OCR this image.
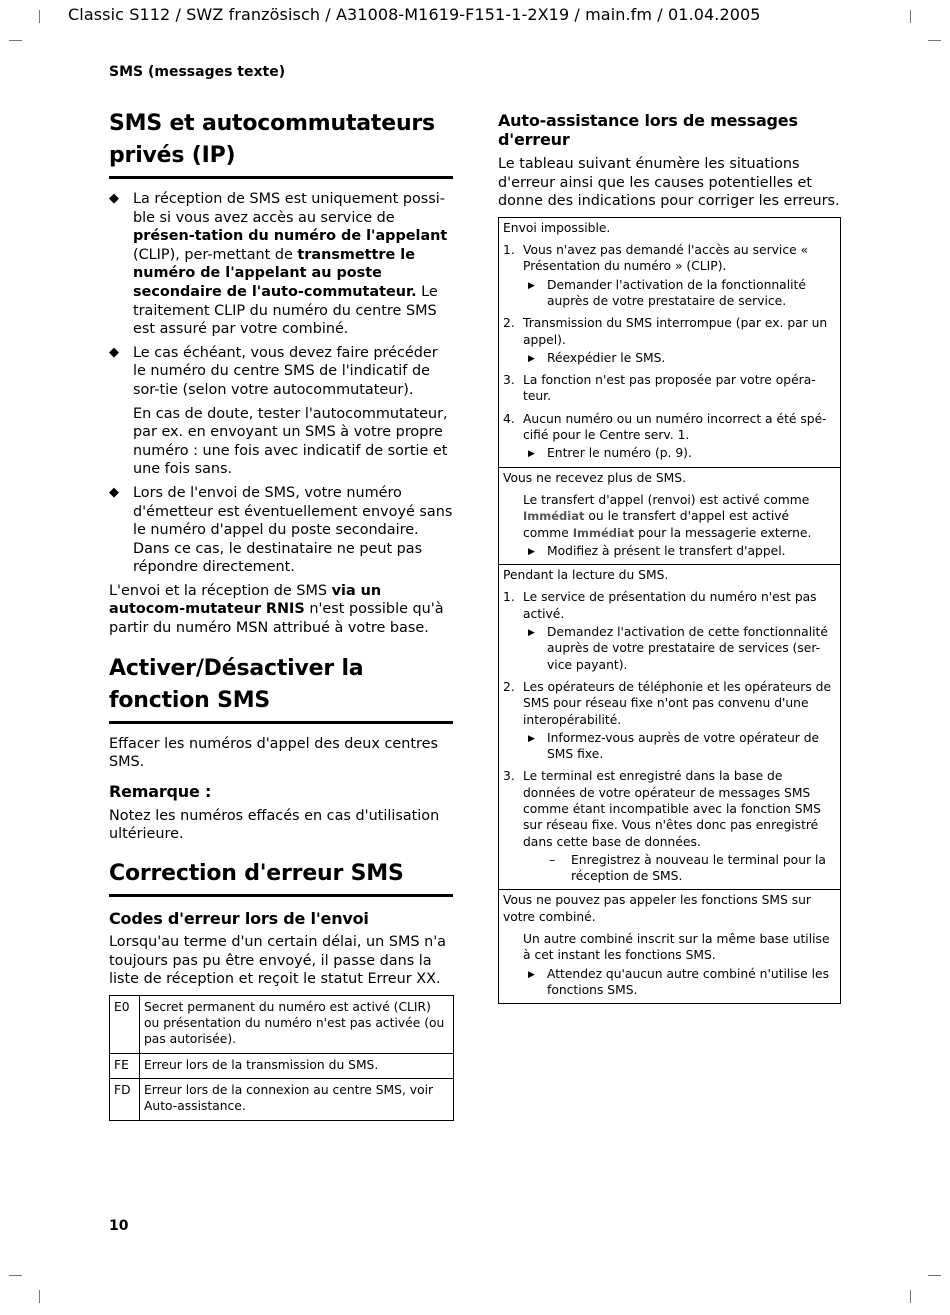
Classic S112 / SWZ französisch / A31008-M1619-F151-1-2X19 / main.fm / 01.04.2005
SMS (messages texte)
SMS et autocommutateurs privés (IP)
◆ La réception de SMS est uniquement possi-ble si vous avez accès au service de présen-tation du numéro de l'appelant (CLIP), per-mettant de transmettre le numéro de l'appelant au poste secondaire de l'auto-commutateur. Le traitement CLIP du numéro du centre SMS est assuré par votre combiné.
◆ Le cas échéant, vous devez faire précéder le numéro du centre SMS de l'indicatif de sor-tie (selon votre autocommutateur).
En cas de doute, tester l'autocommutateur, par ex. en envoyant un SMS à votre propre numéro : une fois avec indicatif de sortie et une fois sans.
◆ Lors de l'envoi de SMS, votre numéro d'émetteur est éventuellement envoyé sans le numéro d'appel du poste secondaire. Dans ce cas, le destinataire ne peut pas répondre directement.

L'envoi et la réception de SMS via un autocom-mutateur RNIS n'est possible qu'à partir du numéro MSN attribué à votre base.

Activer/Désactiver la fonction SMS

Effacer les numéros d'appel des deux centres SMS.

Remarque :

Notez les numéros effacés en cas d'utilisation ultérieure.

Correction d'erreur SMS
Codes d'erreur lors de l'envoi

Lorsqu'au terme d'un certain délai, un SMS n'a toujours pas pu être envoyé, il passe dans la liste de réception et reçoit le statut Erreur XX.

E0	Secret permanent du numéro est activé (CLIR) ou présentation du numéro n'est pas activée (ou pas autorisée).
FE	Erreur lors de la transmission du SMS.
FD	Erreur lors de la connexion au centre SMS, voir Auto-assistance.
Auto-assistance lors de messages d'erreur

Le tableau suivant énumère les situations d'erreur ainsi que les causes potentielles et donne des indications pour corriger les erreurs.

Envoi impossible.
1. Vous n'avez pas demandé l'accès au service « Présentation du numéro » (CLIP).
▶ Demander l'activation de la fonctionnalité auprès de votre prestataire de service.
2. Transmission du SMS interrompue (par ex. par un appel).
▶ Réexpédier le SMS.
3. La fonction n'est pas proposée par votre opéra-teur.
4. Aucun numéro ou un numéro incorrect a été spé-cifié pour le Centre serv. 1.
▶ Entrer le numéro (p. 9).
Vous ne recevez plus de SMS.
Le transfert d'appel (renvoi) est activé comme Immédiat ou le transfert d'appel est activé comme Immédiat pour la messagerie externe.
▶ Modifiez à présent le transfert d'appel.
Pendant la lecture du SMS.
1. Le service de présentation du numéro n'est pas activé.
▶ Demandez l'activation de cette fonctionnalité auprès de votre prestataire de services (ser-vice payant).
2. Les opérateurs de téléphonie et les opérateurs de SMS pour réseau fixe n'ont pas convenu d'une interopérabilité.
▶ Informez-vous auprès de votre opérateur de SMS fixe.
3. Le terminal est enregistré dans la base de données de votre opérateur de messages SMS comme étant incompatible avec la fonction SMS sur réseau fixe. Vous n'êtes donc pas enregistré dans cette base de données.
– Enregistrez à nouveau le terminal pour la réception de SMS.
Vous ne pouvez pas appeler les fonctions SMS sur votre combiné.
Un autre combiné inscrit sur la même base utilise à cet instant les fonctions SMS.
▶ Attendez qu'aucun autre combiné n'utilise les fonctions SMS.
10
